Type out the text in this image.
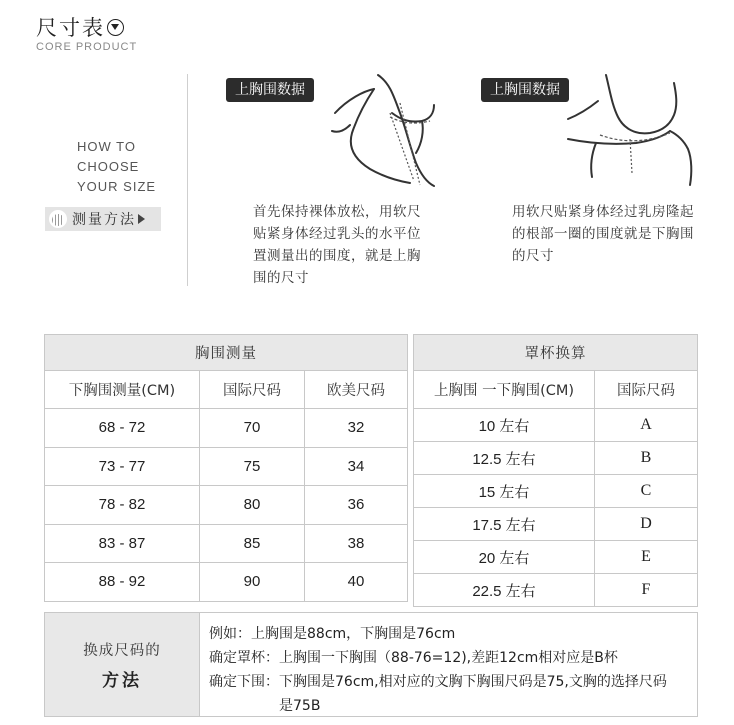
尺寸表
CORE PRODUCT
HOW TO
CHOOSE
YOUR SIZE
测量方法
上胸围数据
首先保持裸体放松，用软尺贴紧身体经过乳头的水平位置测量出的围度，就是上胸围的尺寸
上胸围数据
用软尺贴紧身体经过乳房隆起的根部一圈的围度就是下胸围的尺寸
胸围测量		
下胸围测量(CM)	国际尺码	欧美尺码
68 - 72	70	32
73 - 77	75	34
78 - 82	80	36
83 - 87	85	38
88 - 92	90	40
罩杯换算	
上胸围 一下胸围(CM)	国际尺码
10 左右	A
12.5 左右	B
15 左右	C
17.5 左右	D
20 左右	E
22.5 左右	F
换成尺码的
方法
例如：上胸围是88cm，下胸围是76cm
确定罩杯： 上胸围一下胸围（88-76=12),差距12cm相对应是B杯
确定下围： 下胸围是76cm,相对应的文胸下胸围尺码是75,文胸的选择尺码是75B
